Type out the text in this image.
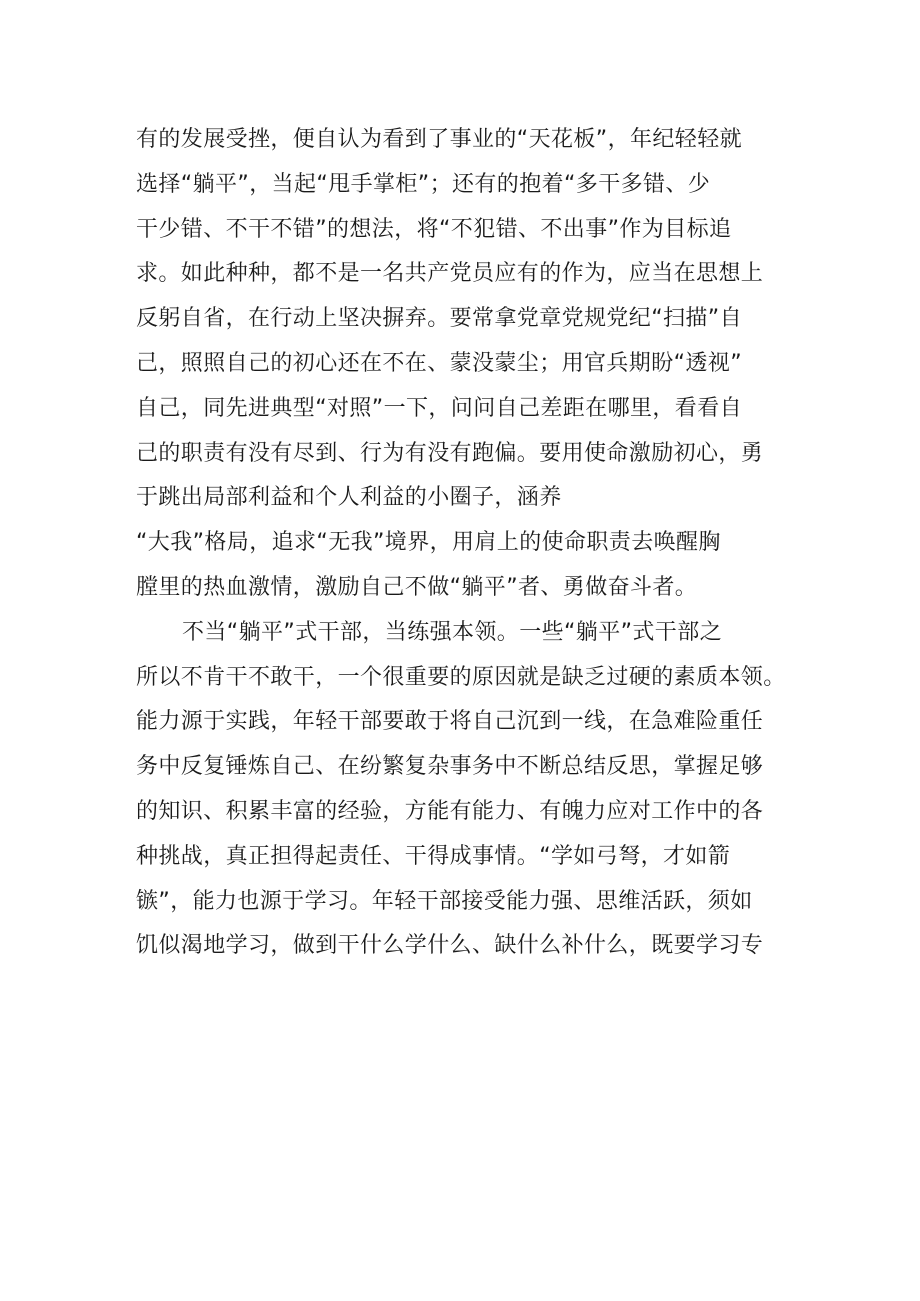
有的发展受挫，便自认为看到了事业的“天花板”，年纪轻轻就
选择“躺平”，当起“甩手掌柜”；还有的抱着“多干多错、少
干少错、不干不错”的想法，将“不犯错、不出事”作为目标追
求。如此种种，都不是一名共产党员应有的作为，应当在思想上
反躬自省，在行动上坚决摒弃。要常拿党章党规党纪“扫描”自
己，照照自己的初心还在不在、蒙没蒙尘；用官兵期盼“透视”
自己，同先进典型“对照”一下，问问自己差距在哪里，看看自
己的职责有没有尽到、行为有没有跑偏。要用使命激励初心，勇
于跳出局部利益和个人利益的小圈子，涵养
“大我”格局，追求“无我”境界，用肩上的使命职责去唤醒胸
膛里的热血激情，激励自己不做“躺平”者、勇做奋斗者。
不当“躺平”式干部，当练强本领。一些“躺平”式干部之
所以不肯干不敢干，一个很重要的原因就是缺乏过硬的素质本领。
能力源于实践，年轻干部要敢于将自己沉到一线，在急难险重任
务中反复锤炼自己、在纷繁复杂事务中不断总结反思，掌握足够
的知识、积累丰富的经验，方能有能力、有魄力应对工作中的各
种挑战，真正担得起责任、干得成事情。“学如弓弩，才如箭
镞”，能力也源于学习。年轻干部接受能力强、思维活跃，须如
饥似渴地学习，做到干什么学什么、缺什么补什么，既要学习专
